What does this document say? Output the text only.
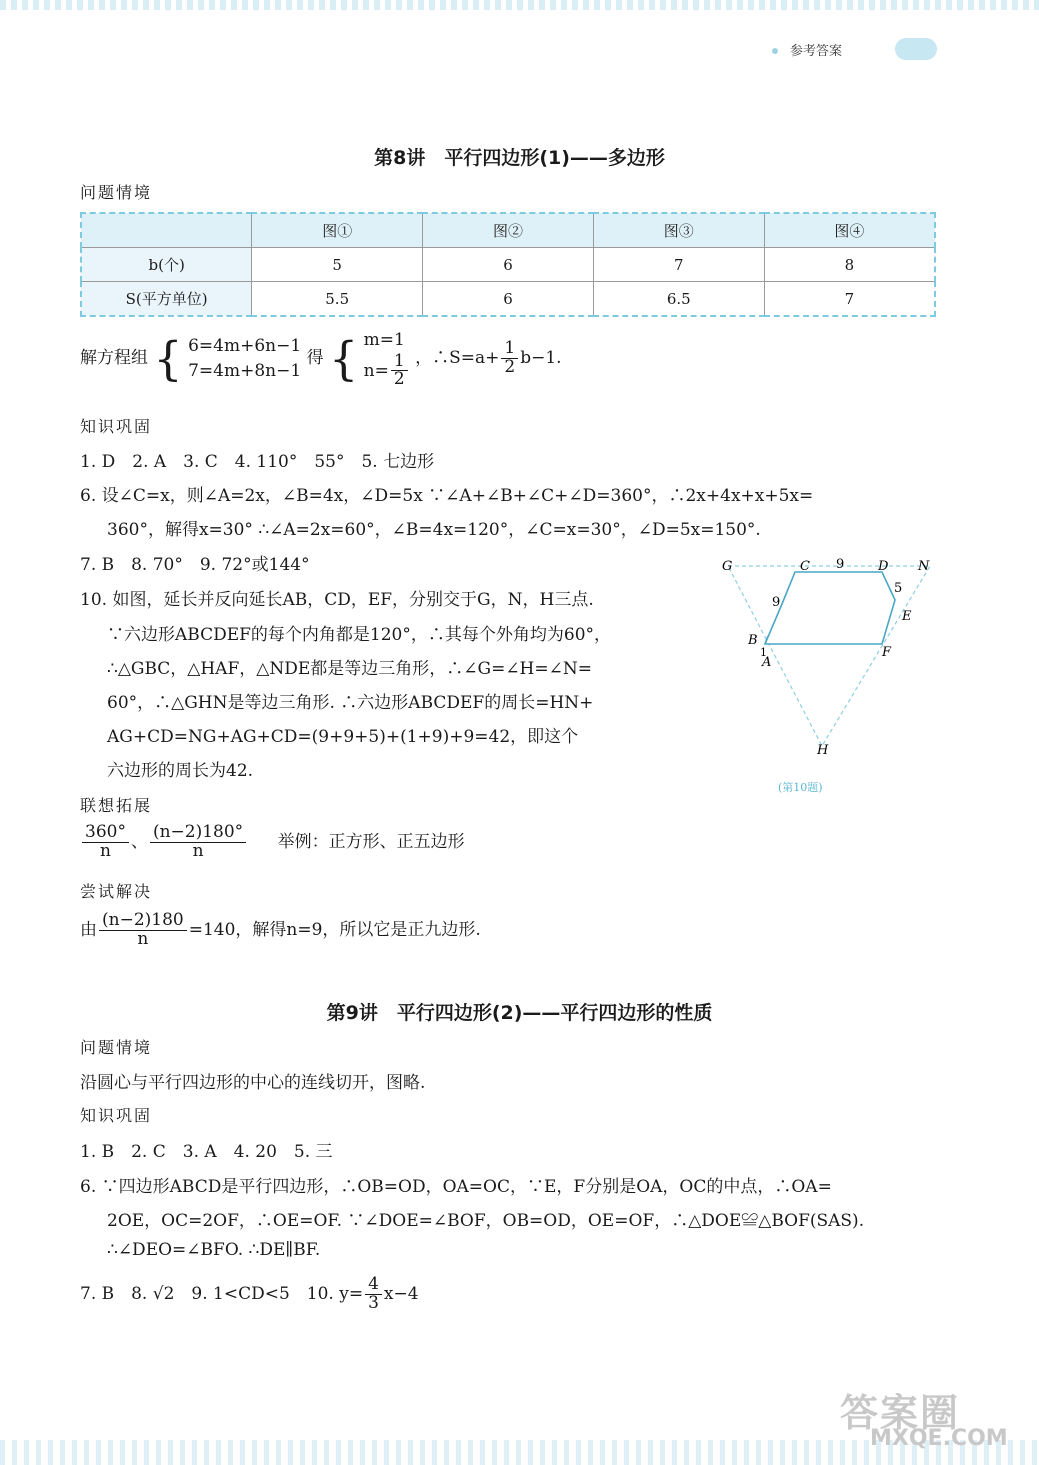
参考答案
第8讲　平行四边形(1)——多边形
问题情境
	图①	图②	图③	图④
b(个)	5	6	7	8
S(平方单位)	5.5	6	6.5	7
解方程组 { 6=4m+6n−1
7=4m+8n−1
得 { m=1
$n= \frac{1}{2}$ ，∴S=a+ $\frac{1}{2} b-1$.
知识巩固
1. D　2. A　3. C　4. 110°　55°　5. 七边形
6. 设∠C=x，则∠A=2x，∠B=4x，∠D=5x ∵∠A+∠B+∠C+∠D=360°，∴2x+4x+x+5x=
360°，解得x=30° ∴∠A=2x=60°，∠B=4x=120°，∠C=x=30°，∠D=5x=150°.
7. B　8. 70°　9. 72°或144°
10. 如图，延长并反向延长AB，CD，EF，分别交于G，N，H三点.
∵六边形ABCDEF的每个内角都是120°，∴其每个外角均为60°，
∴△GBC，△HAF，△NDE都是等边三角形，∴∠G=∠H=∠N=
60°，∴△GHN是等边三角形. ∴六边形ABCDEF的周长=HN+
AG+CD=NG+AG+CD=(9+9+5)+(1+9)+9=42，即这个
六边形的周长为42.
G	C 9	D N
5
9
E
B
1
A
F
H
(第10题)
联想拓展
$\frac{360^\circ}{n}$ 、 $\frac{(n-2)180^\circ}{n}$ 举例：正方形、正五边形
尝试解决
由 $\frac{(n-2)180}{n} =140$，解得n=9，所以它是正九边形.
第9讲　平行四边形(2)——平行四边形的性质
问题情境
沿圆心与平行四边形的中心的连线切开，图略.
知识巩固
1. B　2. C　3. A　4. 20　5. 三
6. ∵四边形ABCD是平行四边形，∴OB=OD，OA=OC，∵E，F分别是OA，OC的中点，∴OA=
2OE，OC=2OF，∴OE=OF. ∵∠DOE=∠BOF，OB=OD，OE=OF，∴△DOE≌△BOF(SAS).
∴∠DEO=∠BFO. ∴DE∥BF.
7. B　8. √2　9. 1<CD<5　10. $y= \frac{4}{3} x-4$
答案圈
MXQE.COM
